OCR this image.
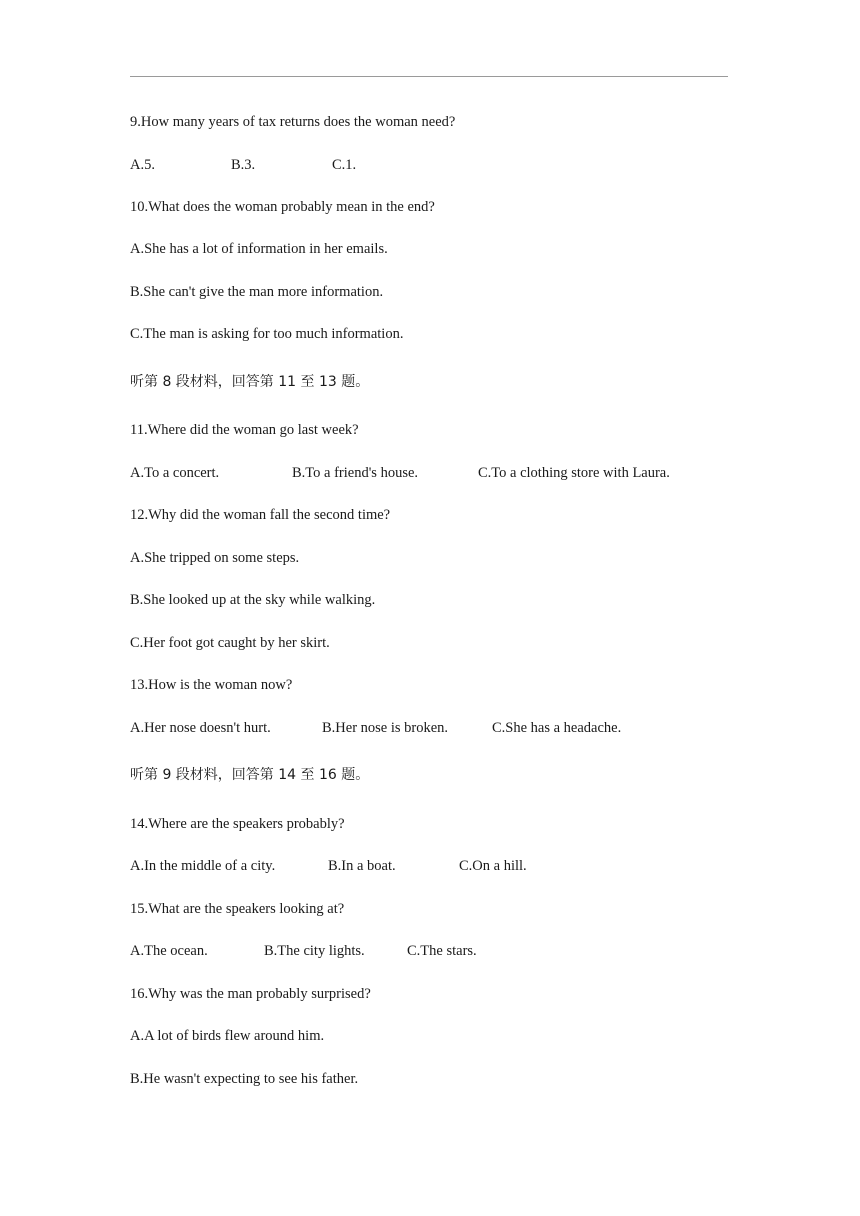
9.How many years of tax returns does the woman need?

A.5.

	B.3.

	C.1.

10.What does the woman probably mean in the end?
A.She has a lot of information in her emails.
B.She can't give the man more information.
C.The man is asking for too much information.
听第 8 段材料，回答第 11 至 13 题。
11.Where did the woman go last week?

A.To a concert.

	B.To a friend's house.

	C.To a clothing store with Laura.

12.Why did the woman fall the second time?
A.She tripped on some steps.
B.She looked up at the sky while walking.
C.Her foot got caught by her skirt.
13.How is the woman now?

A.Her nose doesn't hurt.

	B.Her nose is broken.

	C.She has a headache.

听第 9 段材料，回答第 14 至 16 题。
14.Where are the speakers probably?

A.In the middle of a city.

	B.In a boat.

	C.On a hill.

15.What are the speakers looking at?

A.The ocean.

	B.The city lights.

	C.The stars.

16.Why was the man probably surprised?
A.A lot of birds flew around him.
B.He wasn't expecting to see his father.
